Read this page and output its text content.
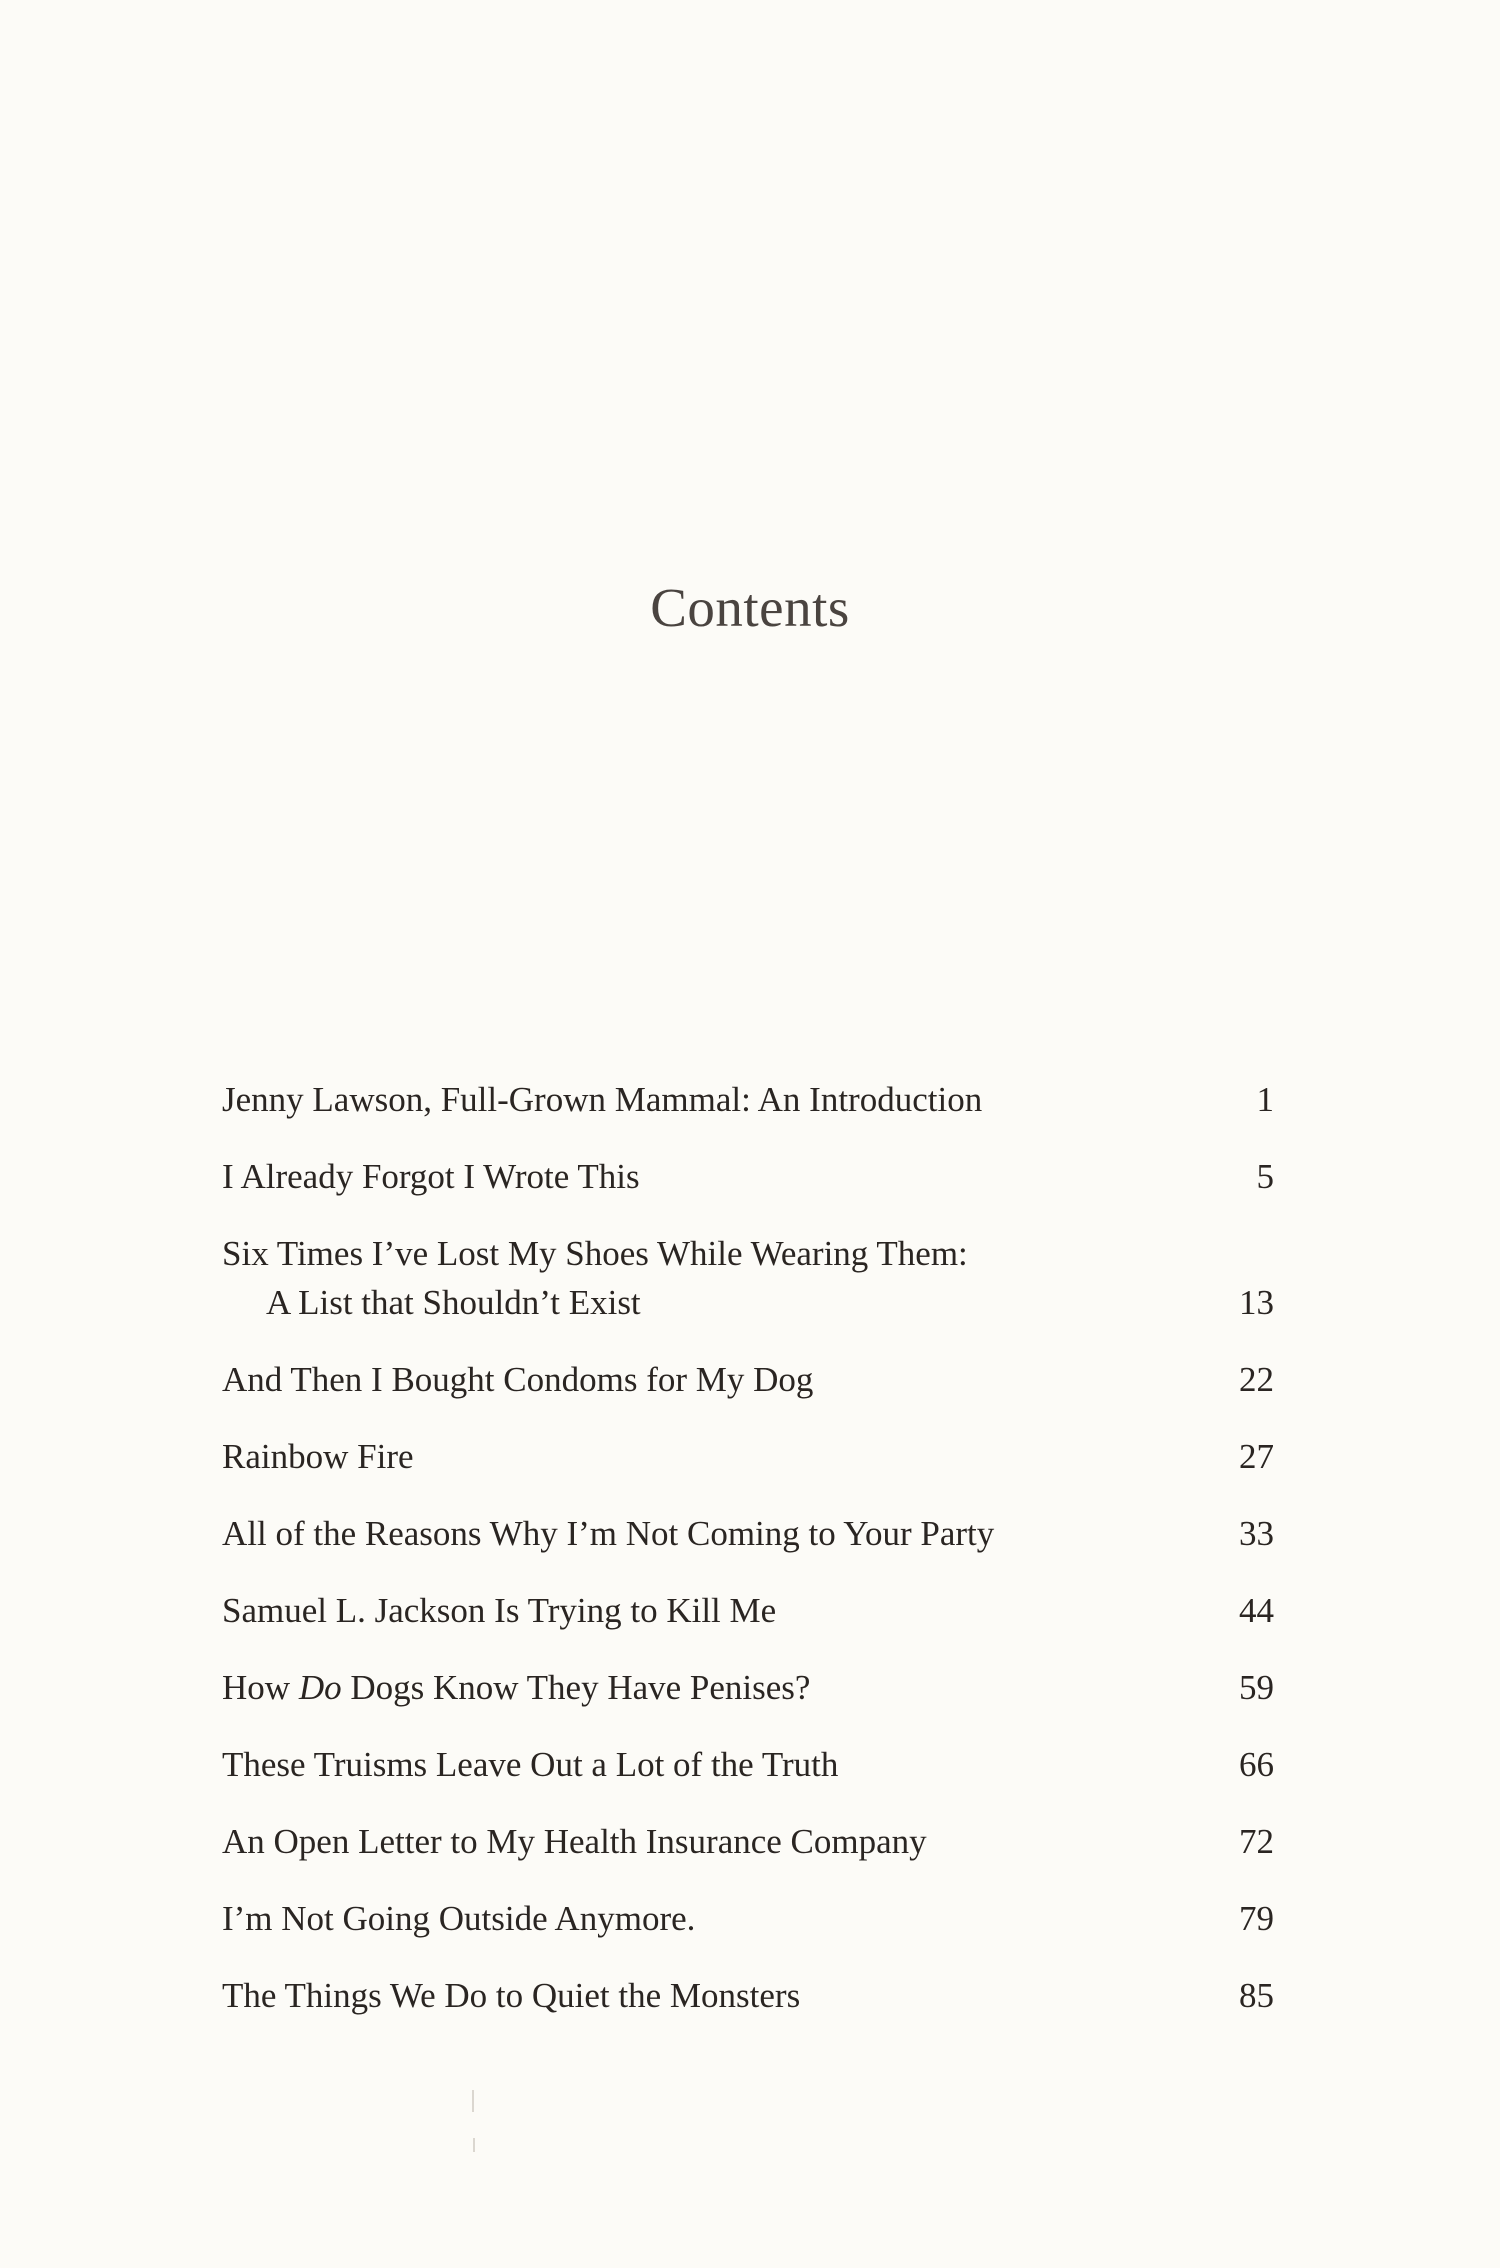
Contents
Jenny Lawson, Full-Grown Mammal: An Introduction	1
I Already Forgot I Wrote This	5
Six Times I’ve Lost My Shoes While Wearing Them:
A List that Shouldn’t Exist	13
And Then I Bought Condoms for My Dog	22
Rainbow Fire	27
All of the Reasons Why I’m Not Coming to Your Party	33
Samuel L. Jackson Is Trying to Kill Me	44
How Do Dogs Know They Have Penises?	59
These Truisms Leave Out a Lot of the Truth	66
An Open Letter to My Health Insurance Company	72
I’m Not Going Outside Anymore.	79
The Things We Do to Quiet the Monsters	85
